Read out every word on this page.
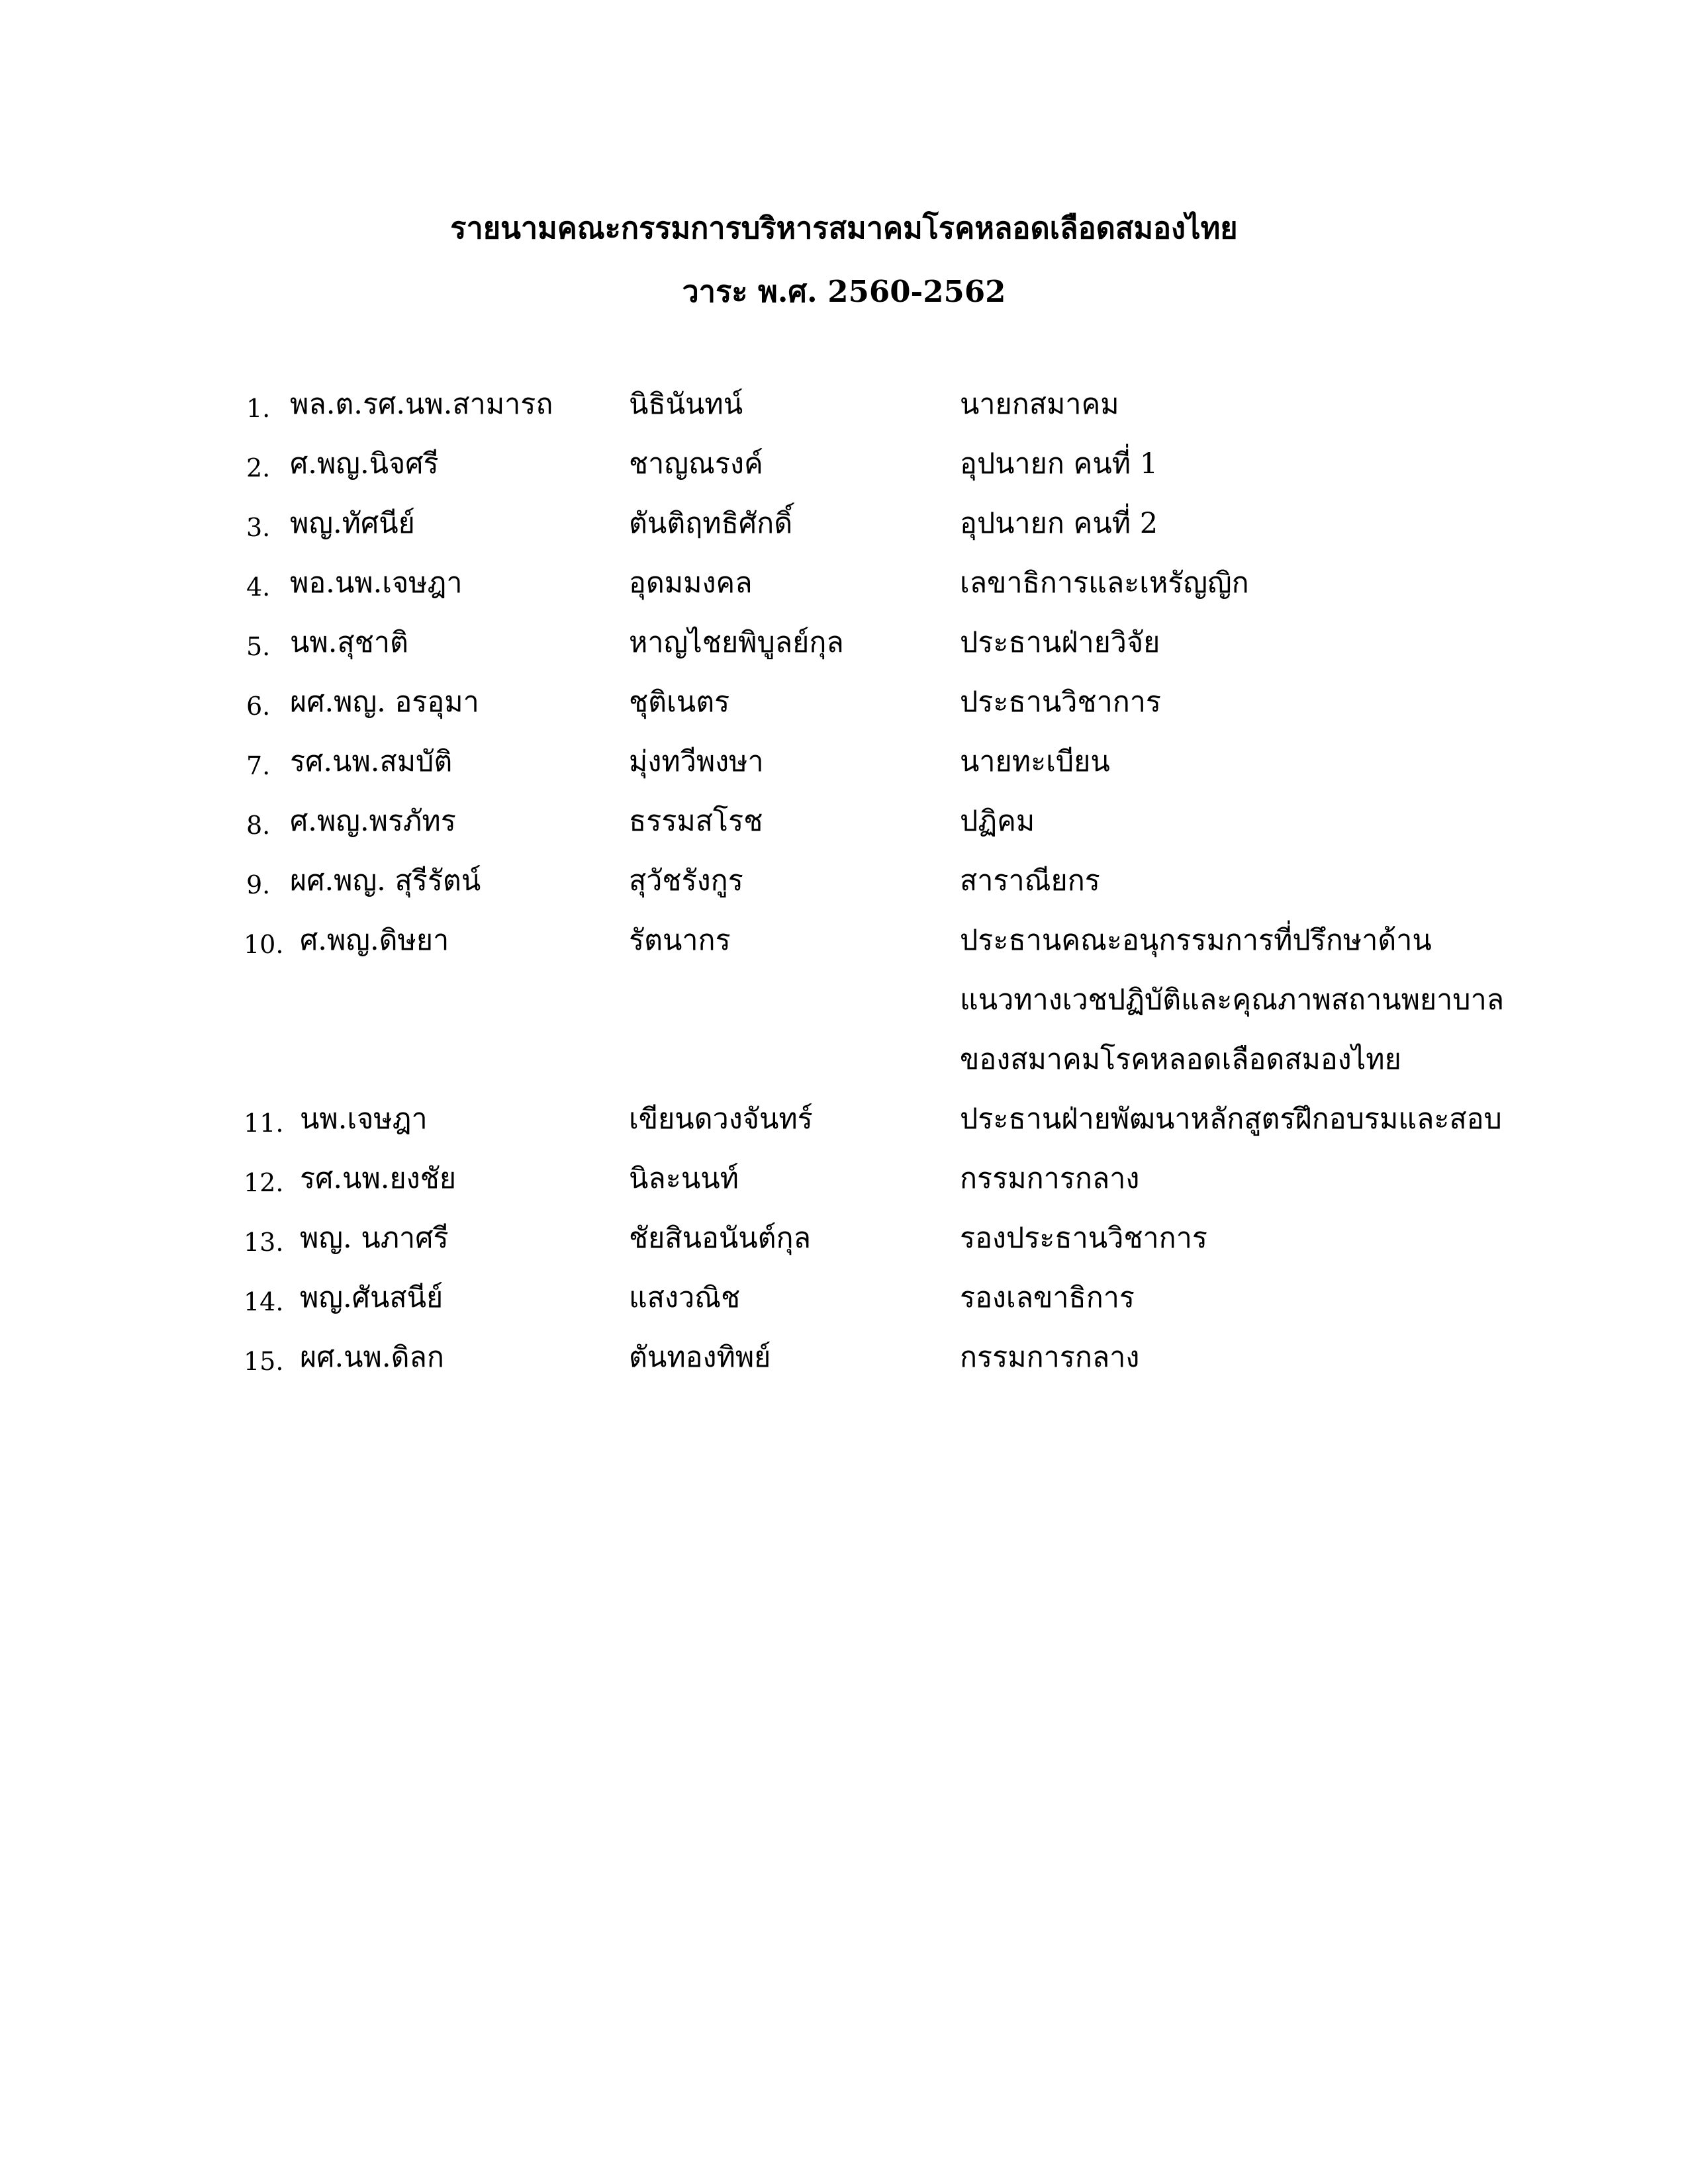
รายนามคณะกรรมการบริหารสมาคมโรคหลอดเลือดสมองไทย
วาระ พ.ศ. 2560-2562
1. พล.ต.รศ.นพ.สามารถ	นิธินันทน์	นายกสมาคม
2. ศ.พญ.นิจศรี	ชาญณรงค์	อุปนายก คนที่ 1
3. พญ.ทัศนีย์	ตันติฤทธิศักดิ์	อุปนายก คนที่ 2
4. พอ.นพ.เจษฎา	อุดมมงคล	เลขาธิการและเหรัญญิก
5. นพ.สุชาติ	หาญไชยพิบูลย์กุล	ประธานฝ่ายวิจัย
6. ผศ.พญ. อรอุมา	ชุติเนตร	ประธานวิชาการ
7. รศ.นพ.สมบัติ	มุ่งทวีพงษา	นายทะเบียน
8. ศ.พญ.พรภัทร	ธรรมสโรช	ปฏิคม
9. ผศ.พญ. สุรีรัตน์	สุวัชรังกูร	สาราณียกร
10. ศ.พญ.ดิษยา	รัตนากร	ประธานคณะอนุกรรมการที่ปรึกษาด้าน
แนวทางเวชปฏิบัติและคุณภาพสถานพยาบาล
ของสมาคมโรคหลอดเลือดสมองไทย
11. นพ.เจษฎา	เขียนดวงจันทร์	ประธานฝ่ายพัฒนาหลักสูตรฝึกอบรมและสอบ
12. รศ.นพ.ยงชัย	นิละนนท์	กรรมการกลาง
13. พญ. นภาศรี	ชัยสินอนันต์กุล	รองประธานวิชาการ
14. พญ.ศันสนีย์	แสงวณิช	รองเลขาธิการ
15. ผศ.นพ.ดิลก	ตันทองทิพย์	กรรมการกลาง
